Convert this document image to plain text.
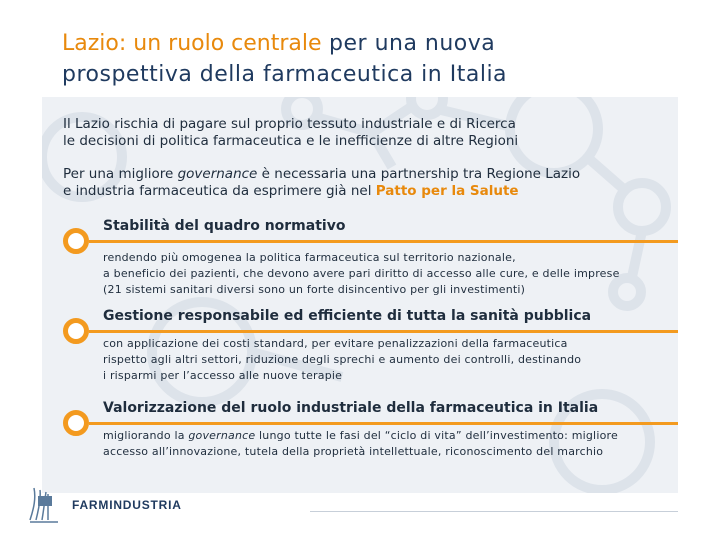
Lazio: un ruolo centrale per una nuova
prospettiva della farmaceutica in Italia
Il Lazio rischia di pagare sul proprio tessuto industriale e di Ricerca
le decisioni di politica farmaceutica e le inefficienze di altre Regioni
Per una migliore governance è necessaria una partnership tra Regione Lazio
e industria farmaceutica da esprimere già nel Patto per la Salute
Stabilità del quadro normativo
rendendo più omogenea la politica farmaceutica sul territorio nazionale,
a beneficio dei pazienti, che devono avere pari diritto di accesso alle cure, e delle imprese
(21 sistemi sanitari diversi sono un forte disincentivo per gli investimenti)
Gestione responsabile ed efficiente di tutta la sanità pubblica
con applicazione dei costi standard, per evitare penalizzazioni della farmaceutica
rispetto agli altri settori, riduzione degli sprechi e aumento dei controlli, destinando
i risparmi per l’accesso alle nuove terapie
Valorizzazione del ruolo industriale della farmaceutica in Italia
migliorando la governance lungo tutte le fasi del “ciclo di vita” dell’investimento: migliore
accesso all’innovazione, tutela della proprietà intellettuale, riconoscimento del marchio
FARMINDUSTRIA
